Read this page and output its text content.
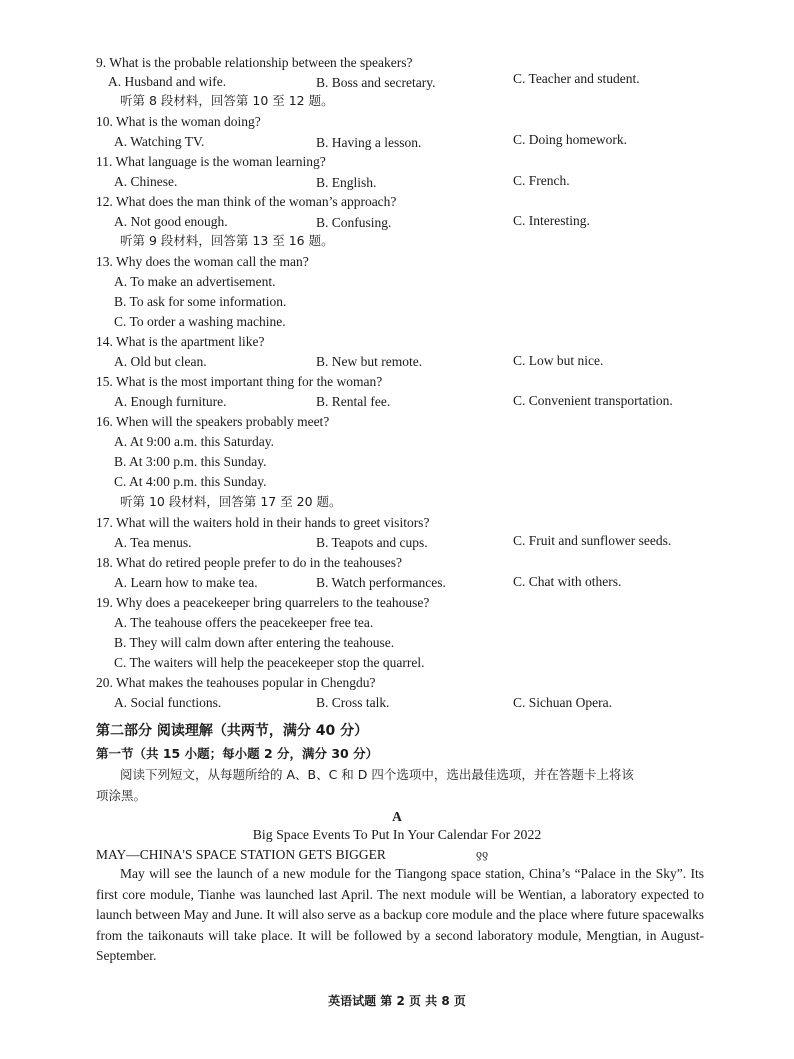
9. What is the probable relationship between the speakers?
A. Husband and wife.	B. Boss and secretary.	C. Teacher and student.
听第 8 段材料，回答第 10 至 12 题。
10. What is the woman doing?
A. Watching TV.	B. Having a lesson.	C. Doing homework.
11. What language is the woman learning?
A. Chinese.	B. English.	C. French.
12. What does the man think of the woman’s approach?
A. Not good enough.	B. Confusing.	C. Interesting.
听第 9 段材料，回答第 13 至 16 题。
13. Why does the woman call the man?
A. To make an advertisement.
B. To ask for some information.
C. To order a washing machine.
14. What is the apartment like?
A. Old but clean.	B. New but remote.	C. Low but nice.
15. What is the most important thing for the woman?
A. Enough furniture.	B. Rental fee.	C. Convenient transportation.
16. When will the speakers probably meet?
A. At 9:00 a.m. this Saturday.
B. At 3:00 p.m. this Sunday.
C. At 4:00 p.m. this Sunday.
听第 10 段材料，回答第 17 至 20 题。
17. What will the waiters hold in their hands to greet visitors?
A. Tea menus.	B. Teapots and cups.	C. Fruit and sunflower seeds.
18. What do retired people prefer to do in the teahouses?
A. Learn how to make tea.	B. Watch performances.	C. Chat with others.
19. Why does a peacekeeper bring quarrelers to the teahouse?
A. The teahouse offers the peacekeeper free tea.
B. They will calm down after entering the teahouse.
C. The waiters will help the peacekeeper stop the quarrel.
20. What makes the teahouses popular in Chengdu?
A. Social functions.	B. Cross talk.	C. Sichuan Opera.
第二部分 阅读理解（共两节，满分 40 分）
第一节（共 15 小题；每小题 2 分，满分 30 分）
阅读下列短文，从每题所给的 A、B、C 和 D 四个选项中，选出最佳选项，并在答题卡上将该
项涂黑。
A
Big Space Events To Put In Your Calendar For 2022
MAY—CHINA'S SPACE STATION GETS BIGGER	ƍƍ
May will see the launch of a new module for the Tiangong space station, China’s “Palace in the Sky”. Its first core module, Tianhe was launched last April. The next module will be Wentian, a laboratory expected to launch between May and June. It will also serve as a backup core module and the place where future spacewalks from the taikonauts will take place. It will be followed by a second laboratory module, Mengtian, in August-September.
英语试题 第 2 页 共 8 页
